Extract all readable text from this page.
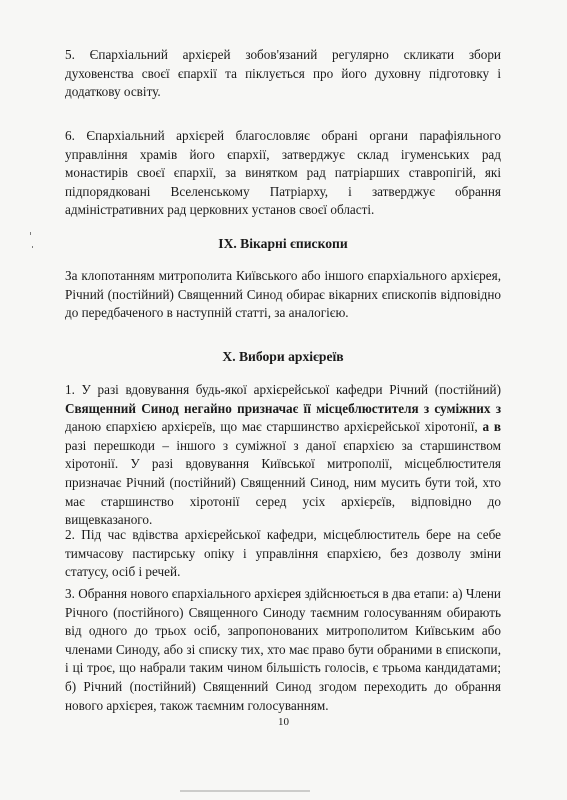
5. Єпархіальний архієрей зобов'язаний регулярно скликати збори духовенства своєї єпархії та піклується про його духовну підготовку і додаткову освіту.

6. Єпархіальний архієрей благословляє обрані органи парафіяльного управління храмів його єпархії, затверджує склад ігуменських рад монастирів своєї єпархії, за винятком рад патріарших ставропігій, які підпорядковані Вселенському Патріарху, і затверджує обрання адміністративних рад церковних установ своєї області.

IX. Вікарні єпископи

За клопотанням митрополита Київського або іншого єпархіального архієрея, Річний (постійний) Священний Синод обирає вікарних єпископів відповідно до передбаченого в наступній статті, за аналогією.

X. Вибори архієреїв

1. У разі вдовування будь-якої архієрейської кафедри Річний (постійний) Священний Синод негайно призначає її місцеблюстителя з суміжних з даною єпархією архієреїв, що має старшинство архієрейської хіротонії, а в разі перешкоди – іншого з суміжної з даної єпархією за старшинством хіротонії. У разі вдовування Київської митрополії, місцеблюстителя призначає Річний (постійний) Священний Синод, ним мусить бути той, хто має старшинство хіротонії серед усіх архієрєїв, відповідно до вищевказаного.

2. Під час вдівства архієрейської кафедри, місцеблюститель бере на себе тимчасову пастирську опіку і управління єпархією, без дозволу зміни статусу, осіб і речей.

3. Обрання нового єпархіального архієрея здійснюється в два етапи: а) Члени Річного (постійного) Священного Синоду таємним голосуванням обирають від одного до трьох осіб, запропонованих митрополитом Київським або членами Синоду, або зі списку тих, хто має право бути обраними в єпископи, і ці троє, що набрали таким чином більшість голосів, є трьома кандидатами; б) Річний (постійний) Священний Синод згодом переходить до обрання нового архієрея, також таємним голосуванням.

10
